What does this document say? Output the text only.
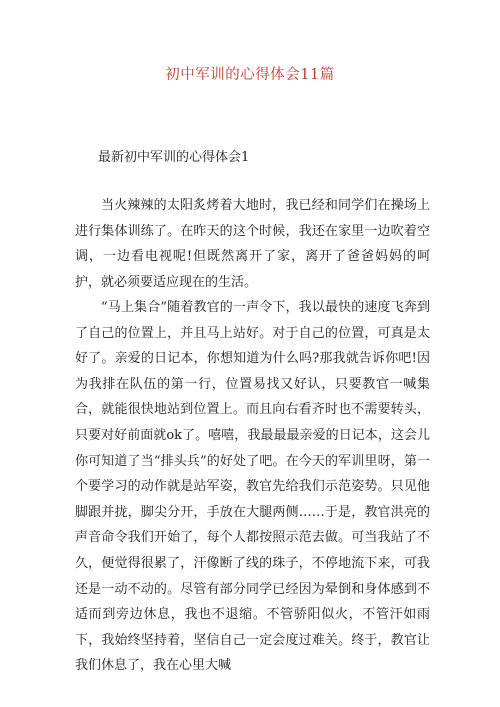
初中军训的心得体会11篇
最新初中军训的心得体会1

当火辣辣的太阳炙烤着大地时，我已经和同学们在操场上进行集体训练了。在昨天的这个时候，我还在家里一边吹着空调，一边看电视呢!但既然离开了家，离开了爸爸妈妈的呵护，就必须要适应现在的生活。

“马上集合”随着教官的一声令下，我以最快的速度飞奔到了自己的位置上，并且马上站好。对于自己的位置，可真是太好了。亲爱的日记本，你想知道为什么吗?那我就告诉你吧!因为我排在队伍的第一行，位置易找又好认，只要教官一喊集合，就能很快地站到位置上。而且向右看齐时也不需要转头，只要对好前面就ok了。嘻嘻，我最最最亲爱的日记本，这会儿你可知道了当“排头兵”的好处了吧。在今天的军训里呀，第一个要学习的动作就是站军姿，教官先给我们示范姿势。只见他脚跟并拢，脚尖分开，手放在大腿两侧……于是，教官洪亮的声音命令我们开始了，每个人都按照示范去做。可当我站了不久，便觉得很累了，汗像断了线的珠子，不停地流下来，可我还是一动不动的。尽管有部分同学已经因为晕倒和身体感到不适而到旁边休息，我也不退缩。不管骄阳似火，不管汗如雨下，我始终坚持着，坚信自己一定会度过难关。终于，教官让我们休息了，我在心里大喊
